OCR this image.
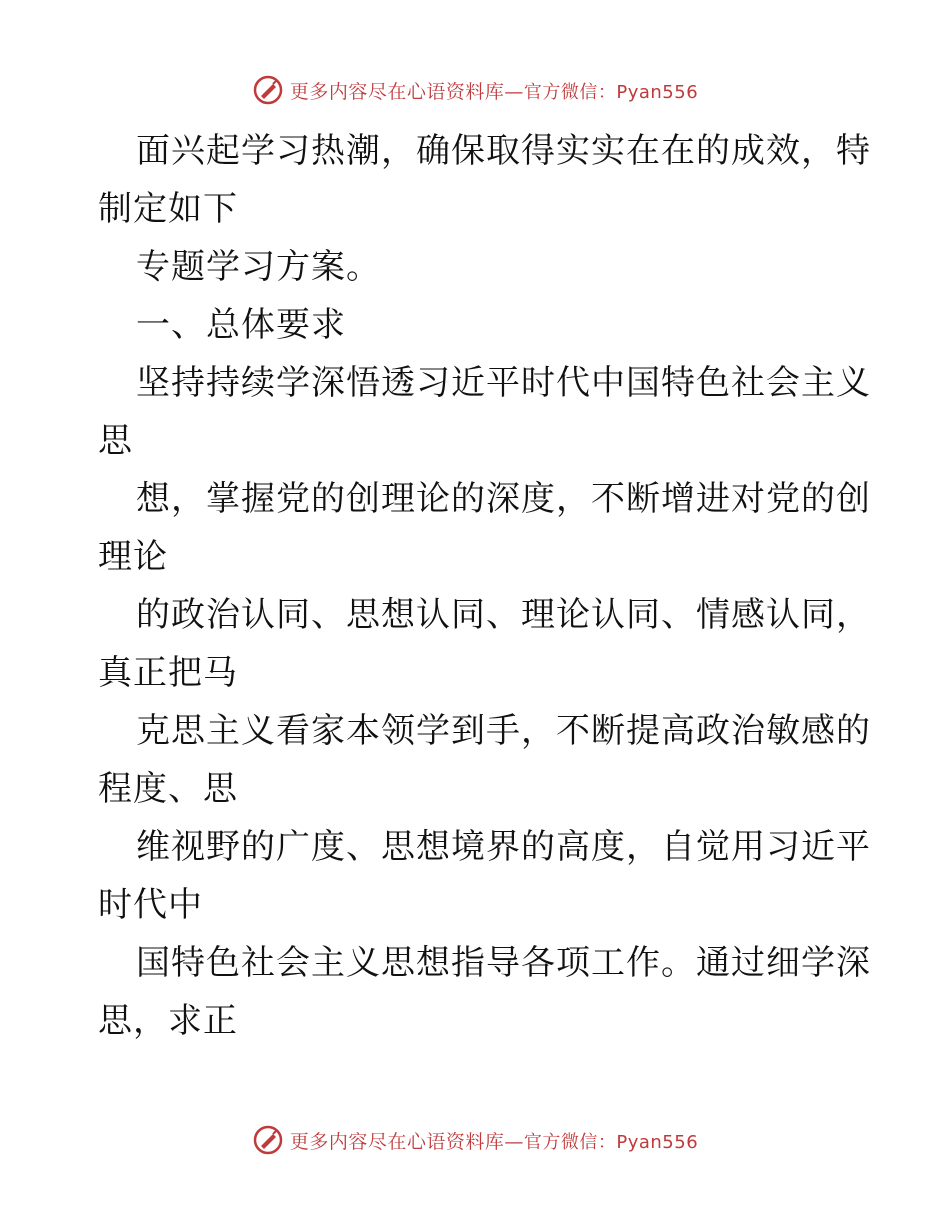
更多内容尽在心语资料库—官方微信：Pyan556
面兴起学习热潮，确保取得实实在在的成效，特
制定如下
专题学习方案。
一、总体要求
坚持持续学深悟透习近平时代中国特色社会主义
思
想，掌握党的创理论的深度，不断增进对党的创
理论
的政治认同、思想认同、理论认同、情感认同，
真正把马
克思主义看家本领学到手，不断提高政治敏感的
程度、思
维视野的广度、思想境界的高度，自觉用习近平
时代中
国特色社会主义思想指导各项工作。通过细学深
思，求正
更多内容尽在心语资料库—官方微信：Pyan556
